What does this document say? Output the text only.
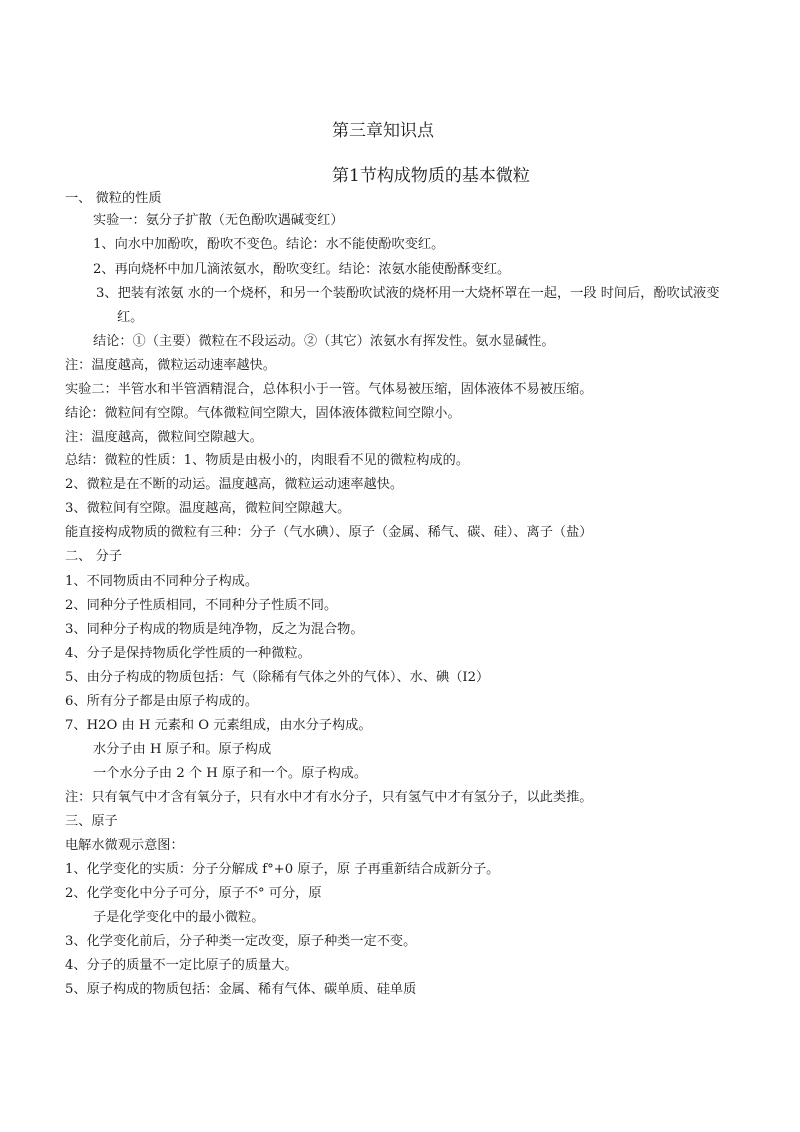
第三章知识点
第1节构成物质的基本微粒
一、 微粒的性质
实验一：氨分子扩散（无色酚吹遇碱变红）
1、向水中加酚吹，酚吹不变色。结论：水不能使酚吹变红。
2、再向烧杯中加几滴浓氨水，酚吹变红。结论：浓氨水能使酚酥变红。
3、把装有浓氨 水的一个烧杯，和另一个装酚吹试液的烧杯用一大烧杯罩在一起，一段 时间后，酚吹试液变
红。
结论：①（主要）微粒在不段运动。②（其它）浓氨水有挥发性。氨水显碱性。
注：温度越高，微粒运动速率越快。
实验二：半管水和半管酒精混合，总体积小于一管。气体易被压缩，固体液体不易被压缩。
结论：微粒间有空隙。气体微粒间空隙大，固体液体微粒间空隙小。
注：温度越高，微粒间空隙越大。
总结：微粒的性质：1、物质是由极小的，肉眼看不见的微粒构成的。
2、微粒是在不断的动运。温度越高，微粒运动速率越快。
3、微粒间有空隙。温度越高，微粒间空隙越大。
能直接构成物质的微粒有三种：分子（气水碘）、原子（金属、稀气、碳、硅）、离子（盐）
二、 分子
1、不同物质由不同种分子构成。
2、同种分子性质相同，不同种分子性质不同。
3、同种分子构成的物质是纯净物，反之为混合物。
4、分子是保持物质化学性质的一种微粒。
5、由分子构成的物质包括：气（除稀有气体之外的气体）、水、碘（I2）
6、所有分子都是由原子构成的。
7、H2O 由 H 元素和 O 元素组成，由水分子构成。
水分子由 H 原子和。原子构成
一个水分子由 2 个 H 原子和一个。原子构成。
注：只有氧气中才含有氧分子，只有水中才有水分子，只有氢气中才有氢分子，以此类推。
三、原子
电解水微观示意图：
1、化学变化的实质：分子分解成 f°+0 原子，原 子再重新结合成新分子。
2、化学变化中分子可分，原子不° 可分，原
子是化学变化中的最小微粒。
3、化学变化前后，分子种类一定改变，原子种类一定不变。
4、分子的质量不一定比原子的质量大。
5、原子构成的物质包括：金属、稀有气体、碳单质、硅单质
